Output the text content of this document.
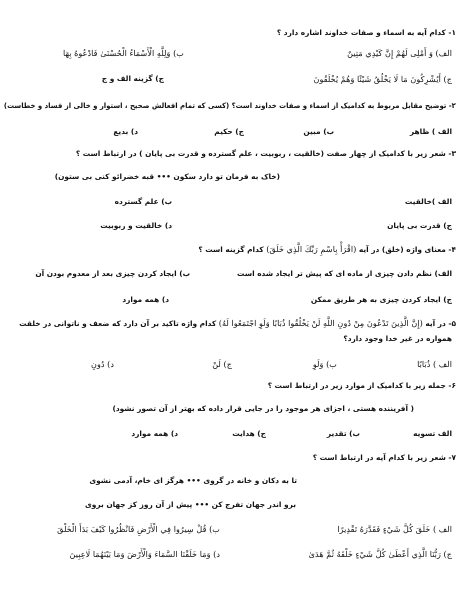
۱- کدام آیه به اسماء و صفات خداوند اشاره دارد ؟
الف) وَ أَمْلِی لَهُمْ إِنَّ كَيْدِي مَتِينٌ
ب) وَلِلَّهِ الْأَسْمَاءُ الْحُسْنَىٰ فَادْعُوهُ بِهَا
ج) أَيُشْرِكُونَ مَا لَا يَخْلُقُ شَيْئًا وَهُمْ يُخْلَقُونَ
ج) گزینه الف و ج
۲- توضیح مقابل مربوط به کدامیک از اسماء و صفات خداوند است؟ (کسی که تمام افعالش صحیح ، استوار و خالی از فساد و خطاست)
الف ) ظاهر
ب) مبین
ج) حکیم
د) بدیع
۳- شعر زیر با کدامیک از چهار صفت (خالقیت ، ربوبیت ، علم گسترده و قدرت بی پایان ) در ارتباط است ؟
(خاک به فرمان تو دارد سکون ••• قبه خضرائو کنی بی ستون)
الف )خالقیت
ب) علم گسترده
ج) قدرت بی پایان
د) خالقیت و ربوبیت
۴- معنای واژه (خلق) در آیه (اقْرَأْ بِاسْمِ رَبِّكَ الَّذِي خَلَقَ) کدام گزینه است ؟
الف) نظم دادن چیزی از ماده ای که پیش تر ایجاد شده است
ب) ایجاد کردن چیزی بعد از معدوم بودن آن
ج) ایجاد کردن چیزی به هر طریق ممکن
د) همه موارد
۵- در آیه (إِنَّ الَّذِينَ تَدْعُونَ مِنْ دُونِ اللَّهِ لَنْ يَخْلُقُوا ذُبَابًا وَلَوِ اجْتَمَعُوا لَهُ) کدام واژه تاکید بر آن دارد که ضعف و ناتوانی در خلقت
همواره در غیر خدا وجود دارد؟
الف ) ذُبَابًا
ب) وَلَوِ
ج) لَنْ
د) دُونِ
۶- جمله زیر با کدامیک از موارد زیر در ارتباط است ؟
( آفریننده هستی ، اجزای هر موجود را در جایی قرار داده که بهتر از آن تصور نشود)
الف تسویه
ب) تقدیر
ج) هدایت
د) همه موارد
۷- شعر زیر با کدام آیه در ارتباط است ؟
تا به دکان و خانه در گروی ••• هرگز ای خام، آدمی نشوی
برو اندر جهان تفرج کن ••• پیش از آن روز کز جهان بروی
الف ) خَلَقَ كُلَّ شَيْءٍ فَقَدَّرَهُ تَقْدِيرًا
ب) قُلْ سِيرُوا فِي الْأَرْضِ فَانْظُرُوا كَيْفَ بَدَأَ الْخَلْقَ
ج) رَبُّنَا الَّذِي أَعْطَىٰ كُلَّ شَيْءٍ خَلْقَهُ ثُمَّ هَدَىٰ
د) وَمَا خَلَقْنَا السَّمَاءَ وَالْأَرْضَ وَمَا بَيْنَهُمَا لَاعِبِينَ
